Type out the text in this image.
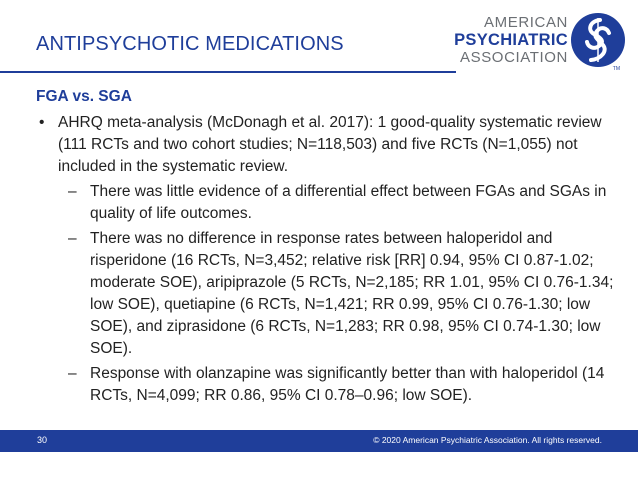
ANTIPSYCHOTIC MEDICATIONS
AMERICAN
PSYCHIATRIC
ASSOCIATION
TM
FGA vs. SGA
• AHRQ meta-analysis (McDonagh et al. 2017): 1 good-quality systematic review (111 RCTs and two cohort studies; N=118,503) and five RCTs (N=1,055) not included in the systematic review.
– There was little evidence of a differential effect between FGAs and SGAs in quality of life outcomes.
– There was no difference in response rates between haloperidol and risperidone (16 RCTs, N=3,452; relative risk [RR] 0.94, 95% CI 0.87-1.02; moderate SOE), aripiprazole (5 RCTs, N=2,185; RR 1.01, 95% CI 0.76-1.34; low SOE), quetiapine (6 RCTs, N=1,421; RR 0.99, 95% CI 0.76-1.30; low SOE), and ziprasidone (6 RCTs, N=1,283; RR 0.98, 95% CI 0.74-1.30; low SOE).
– Response with olanzapine was significantly better than with haloperidol (14 RCTs, N=4,099; RR 0.86, 95% CI 0.78–0.96; low SOE).
30	© 2020 American Psychiatric Association. All rights reserved.
